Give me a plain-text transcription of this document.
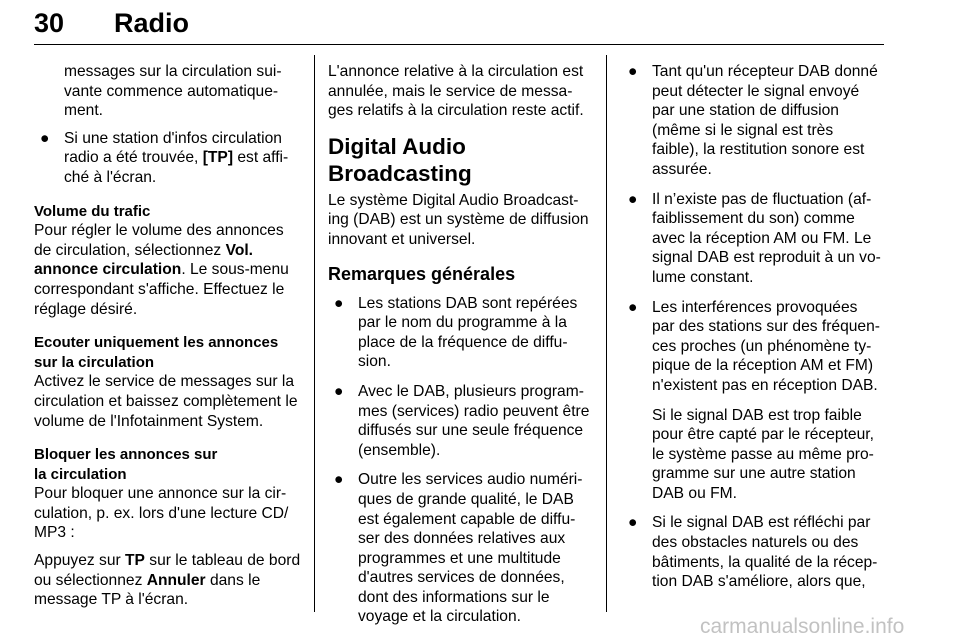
30 Radio

messages sur la circulation sui-vante commence automatique-ment.

● Si une station d'infos circulation radio a été trouvée, [TP] est affi-ché à l'écran.
Volume du trafic

Pour régler le volume des annonces de circulation, sélectionnez Vol. annonce circulation. Le sous-menu correspondant s'affiche. Effectuez le réglage désiré.

Ecouter uniquement les annonces sur la circulation

Activez le service de messages sur la circulation et baissez complètement le volume de l'Infotainment System.

Bloquer les annonces sur la circulation

Pour bloquer une annonce sur la cir-culation, p. ex. lors d'une lecture CD/ MP3 :

Appuyez sur TP sur le tableau de bord ou sélectionnez Annuler dans le message TP à l'écran.

L'annonce relative à la circulation est annulée, mais le service de messa-ges relatifs à la circulation reste actif.

Digital Audio Broadcasting

Le système Digital Audio Broadcast-ing (DAB) est un système de diffusion innovant et universel.

Remarques générales
● Les stations DAB sont repérées par le nom du programme à la place de la fréquence de diffu-sion.
● Avec le DAB, plusieurs program-mes (services) radio peuvent être diffusés sur une seule fréquence (ensemble).
● Outre les services audio numéri-ques de grande qualité, le DAB est également capable de diffu-ser des données relatives aux programmes et une multitude d'autres services de données, dont des informations sur le voyage et la circulation.
● Tant qu'un récepteur DAB donné peut détecter le signal envoyé par une station de diffusion (même si le signal est très faible), la restitution sonore est assurée.
● Il n’existe pas de fluctuation (af-faiblissement du son) comme avec la réception AM ou FM. Le signal DAB est reproduit à un vo-lume constant.
● Les interférences provoquées par des stations sur des fréquen-ces proches (un phénomène ty-pique de la réception AM et FM) n'existent pas en réception DAB.
Si le signal DAB est trop faible pour être capté par le récepteur, le système passe au même pro-gramme sur une autre station DAB ou FM.
● Si le signal DAB est réfléchi par des obstacles naturels ou des bâtiments, la qualité de la récep-tion DAB s'améliore, alors que,
carmanualsonline.info
